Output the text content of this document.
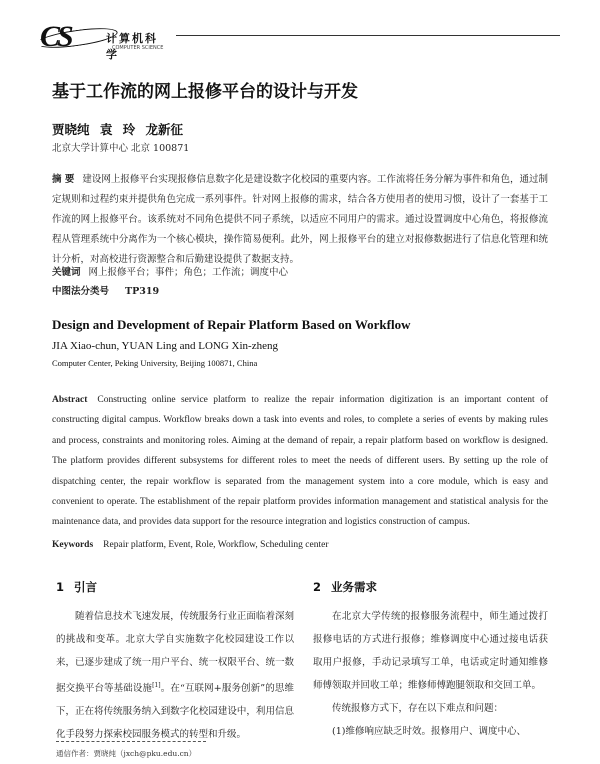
CS	计算机科学
COMPUTER SCIENCE
基于工作流的网上报修平台的设计与开发
贾晓纯 袁 玲 龙新征
北京大学计算中心 北京 100871
摘 要 建设网上报修平台实现报修信息数字化是建设数字化校园的重要内容。工作流将任务分解为事件和角色，通过制定规则和过程约束并提供角色完成一系列事件。针对网上报修的需求，结合各方使用者的使用习惯，设计了一套基于工作流的网上报修平台。该系统对不同角色提供不同子系统，以适应不同用户的需求。通过设置调度中心角色，将报修流程从管理系统中分离作为一个核心模块，操作简易便利。此外，网上报修平台的建立对报修数据进行了信息化管理和统计分析，对高校进行资源整合和后勤建设提供了数据支持。
关键词 网上报修平台；事件；角色；工作流；调度中心
中图法分类号 TP319
Design and Development of Repair Platform Based on Workflow
JIA Xiao-chun, YUAN Ling and LONG Xin-zheng
Computer Center, Peking University, Beijing 100871, China
Abstract Constructing online service platform to realize the repair information digitization is an important content of constructing digital campus. Workflow breaks down a task into events and roles, to complete a series of events by making rules and process, constraints and monitoring roles. Aiming at the demand of repair, a repair platform based on workflow is designed. The platform provides different subsystems for different roles to meet the needs of different users. By setting up the role of dispatching center, the repair workflow is separated from the management system into a core module, which is easy and convenient to operate. The establishment of the repair platform provides information management and statistical analysis for the maintenance data, and provides data support for the resource integration and logistics construction of campus.
Keywords Repair platform, Event, Role, Workflow, Scheduling center
1 引言

随着信息技术飞速发展，传统服务行业正面临着深刻的挑战和变革。北京大学自实施数字化校园建设工作以来，已逐步建成了统一用户平台、统一权限平台、统一数据交换平台等基础设施[1]。在“互联网+服务创新”的思维下，正在将传统服务纳入到数字化校园建设中，利用信息化手段努力探索校园服务模式的转型和升级。

2 业务需求

在北京大学传统的报修服务流程中，师生通过拨打报修电话的方式进行报修；维修调度中心通过接电话获取用户报修，手动记录填写工单，电话或定时通知维修师傅领取并回收工单；维修师傅跑腿领取和交回工单。

传统报修方式下，存在以下难点和问题：

(1)维修响应缺乏时效。报修用户、调度中心、

通信作者：贾晓纯（jxch@pku.edu.cn）
